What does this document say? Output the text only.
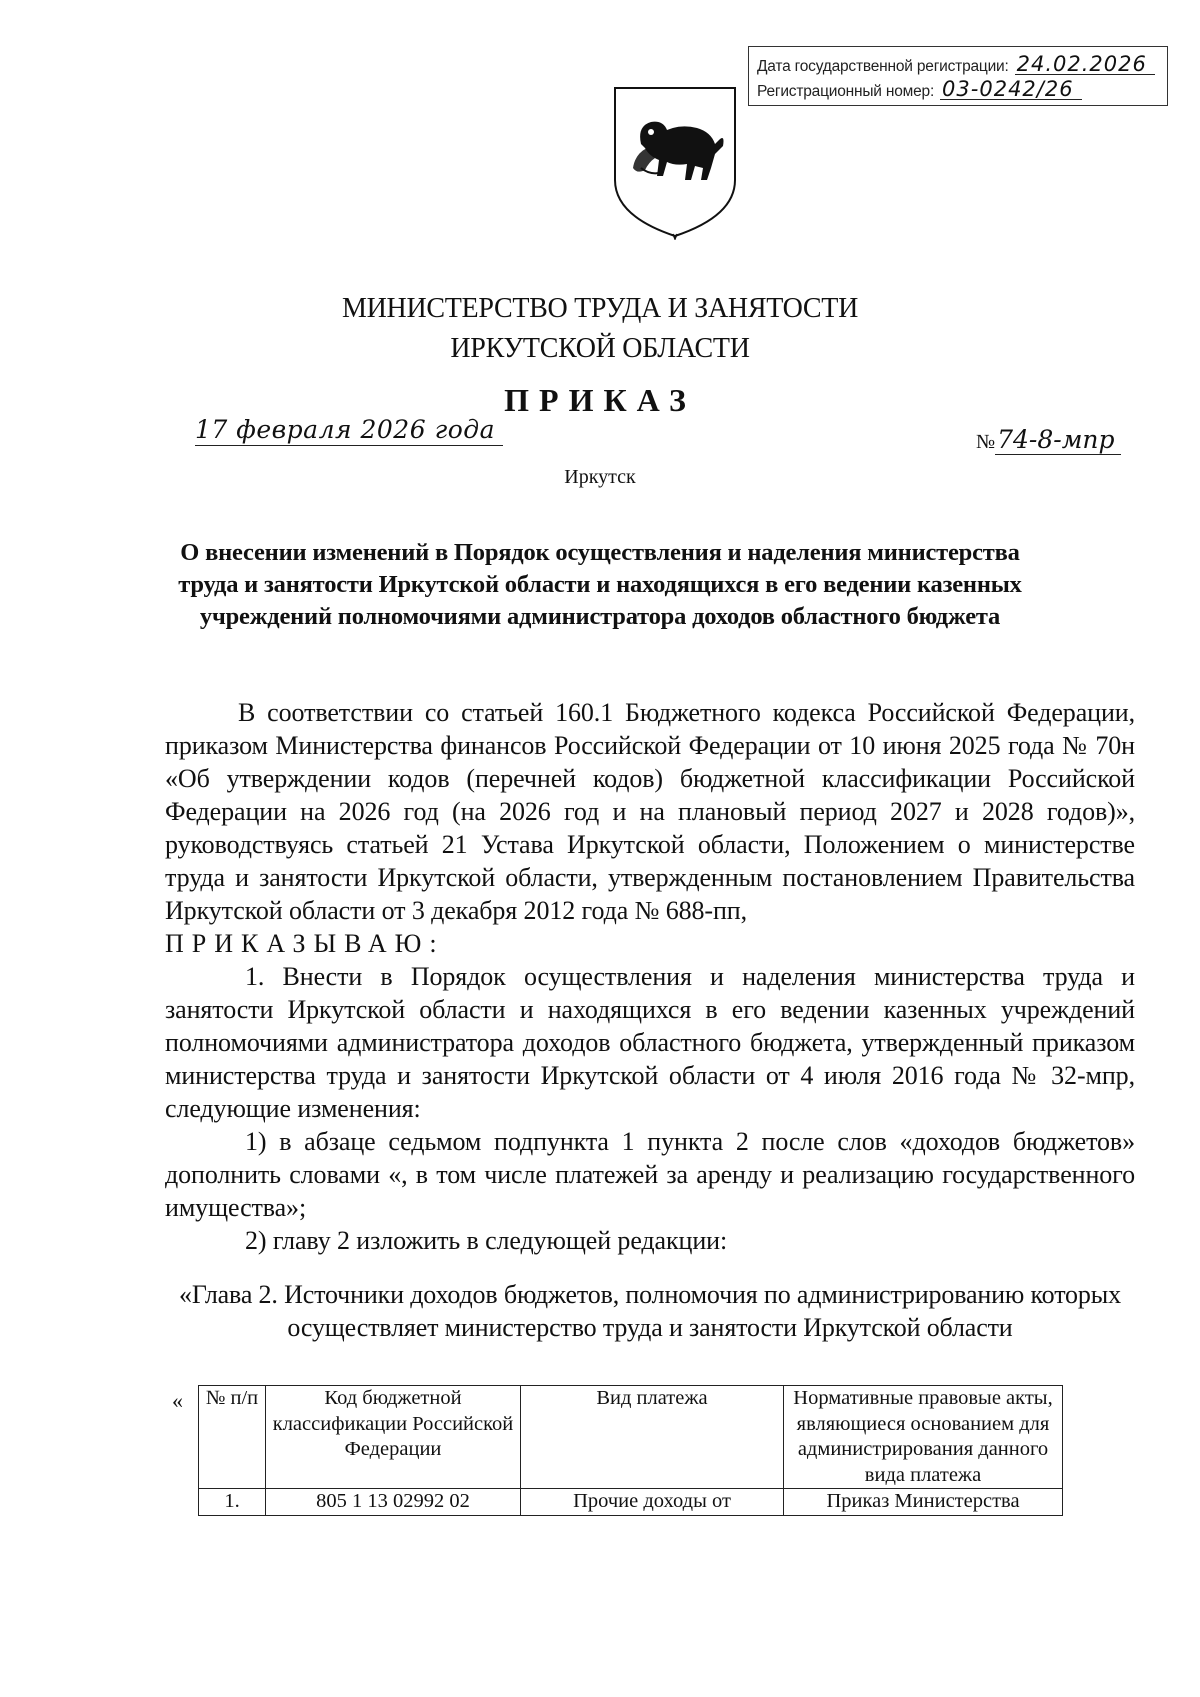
Дата государственной регистрации: 24.02.2026
Регистрационный номер: 03-0242/26
МИНИСТЕРСТВО ТРУДА И ЗАНЯТОСТИ
ИРКУТСКОЙ ОБЛАСТИ
ПРИКАЗ
17 февраля 2026 года	№74-8-мпр
Иркутск
О внесении изменений в Порядок осуществления и наделения министерства труда и занятости Иркутской области и находящихся в его ведении казенных учреждений полномочиями администратора доходов областного бюджета

В соответствии со статьей 160.1 Бюджетного кодекса Российской Федерации, приказом Министерства финансов Российской Федерации от 10 июня 2025 года № 70н «Об утверждении кодов (перечней кодов) бюджетной классификации Российской Федерации на 2026 год (на 2026 год и на плановый период 2027 и 2028 годов)», руководствуясь статьей 21 Устава Иркутской области, Положением о министерстве труда и занятости Иркутской области, утвержденным постановлением Правительства Иркутской области от 3 декабря 2012 года № 688-пп,

ПРИКАЗЫВАЮ:

1. Внести в Порядок осуществления и наделения министерства труда и занятости Иркутской области и находящихся в его ведении казенных учреждений полномочиями администратора доходов областного бюджета, утвержденный приказом министерства труда и занятости Иркутской области от 4 июля 2016 года № 32-мпр, следующие изменения:

1) в абзаце седьмом подпункта 1 пункта 2 после слов «доходов бюджетов» дополнить словами «, в том числе платежей за аренду и реализацию государственного имущества»;

2) главу 2 изложить в следующей редакции:

«Глава 2. Источники доходов бюджетов, полномочия по администрированию которых осуществляет министерство труда и занятости Иркутской области
« № п/п	Код бюджетной классификации Российской Федерации	Вид платежа	Нормативные правовые акты, являющиеся основанием для администрирования данного вида платежа
1.	805 1 13 02992 02	Прочие доходы от	Приказ Министерства
